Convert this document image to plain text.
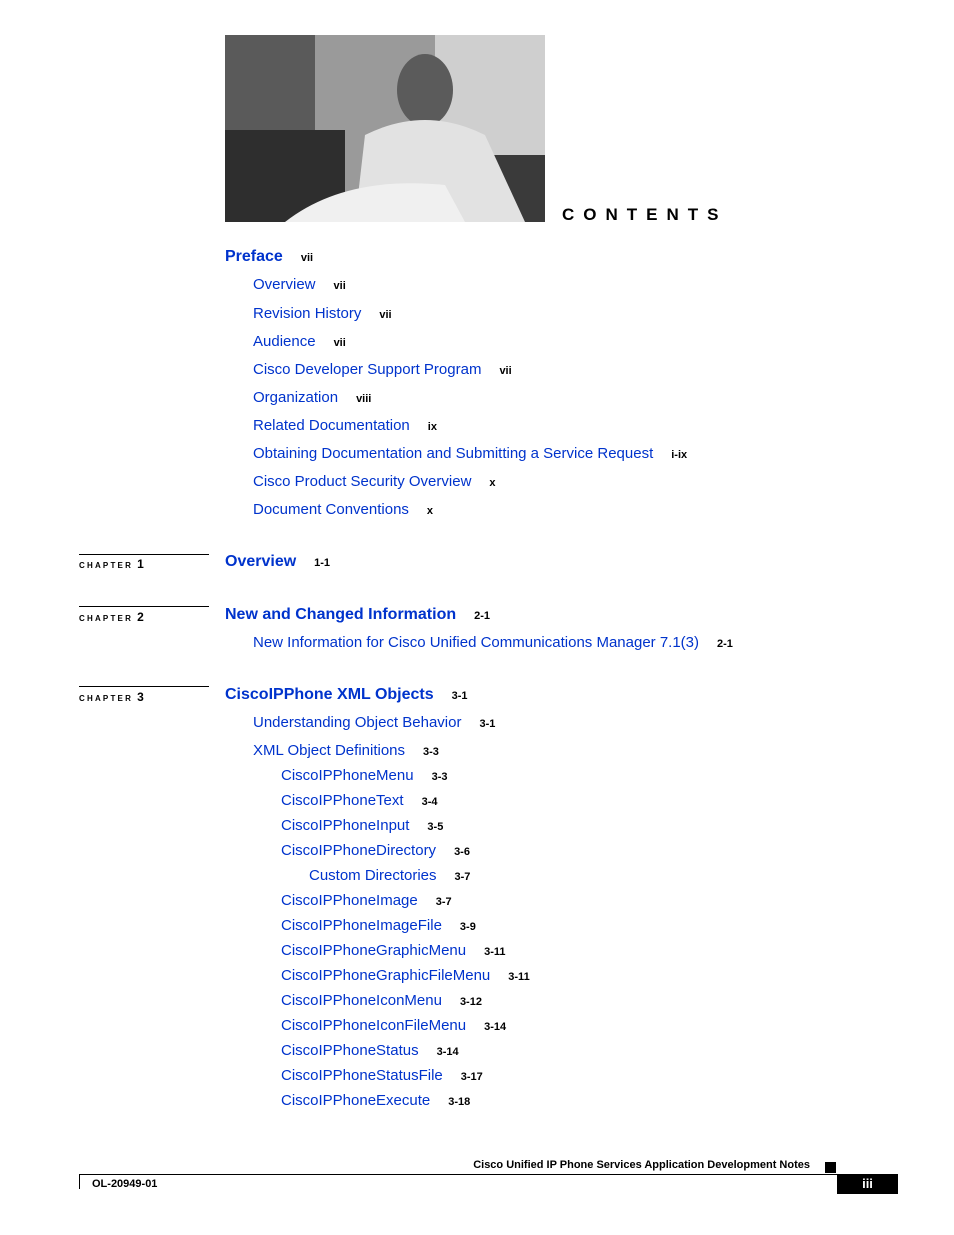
CONTENTS
CHAPTER 1
CHAPTER 2
CHAPTER 3
Preface vii
Overview vii
Revision History vii
Audience vii
Cisco Developer Support Program vii
Organization viii
Related Documentation ix
Obtaining Documentation and Submitting a Service Request i-ix
Cisco Product Security Overview x
Document Conventions x
Overview 1-1
New and Changed Information 2-1
New Information for Cisco Unified Communications Manager 7.1(3) 2-1
CiscoIPPhone XML Objects 3-1
Understanding Object Behavior 3-1
XML Object Definitions 3-3
CiscoIPPhoneMenu 3-3
CiscoIPPhoneText 3-4
CiscoIPPhoneInput 3-5
CiscoIPPhoneDirectory 3-6
Custom Directories 3-7
CiscoIPPhoneImage 3-7
CiscoIPPhoneImageFile 3-9
CiscoIPPhoneGraphicMenu 3-11
CiscoIPPhoneGraphicFileMenu 3-11
CiscoIPPhoneIconMenu 3-12
CiscoIPPhoneIconFileMenu 3-14
CiscoIPPhoneStatus 3-14
CiscoIPPhoneStatusFile 3-17
CiscoIPPhoneExecute 3-18
Cisco Unified IP Phone Services Application Development Notes
OL-20949-01	iii
